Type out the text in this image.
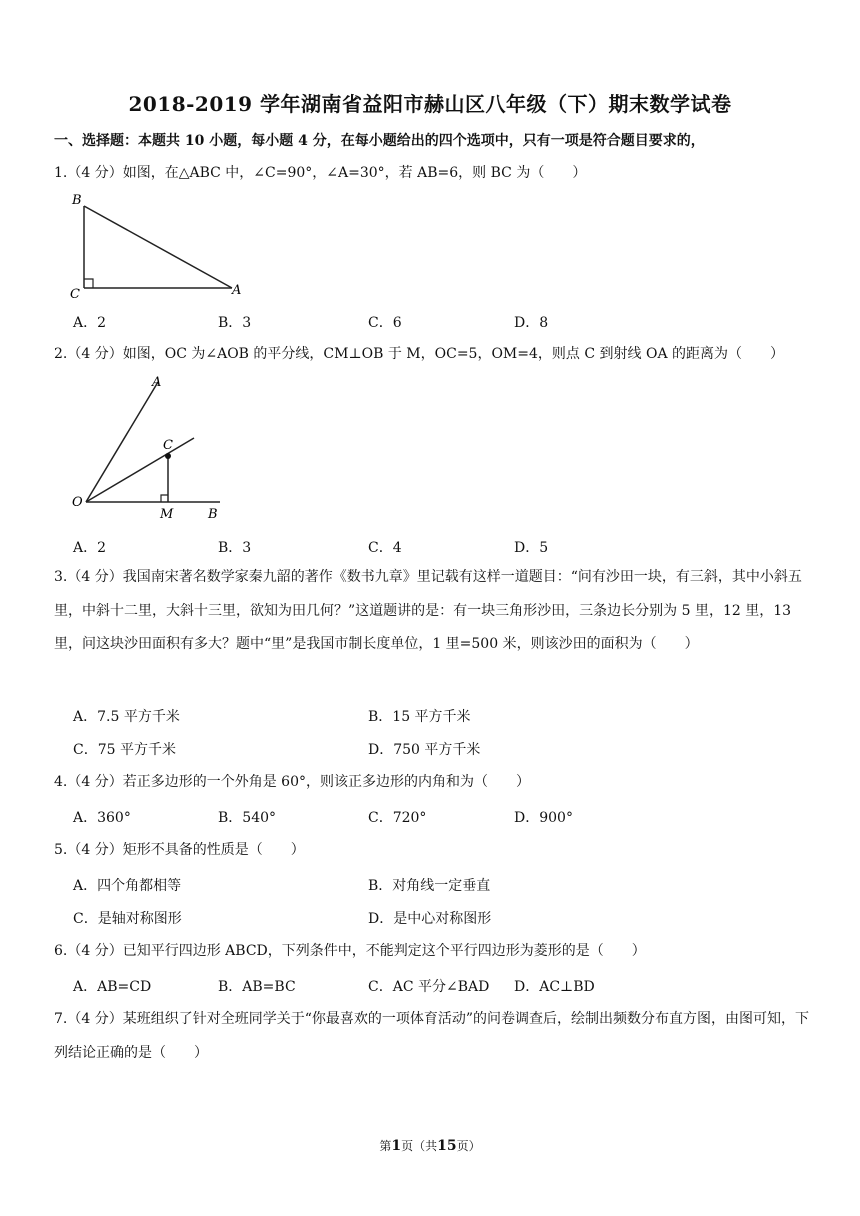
2018-2019 学年湖南省益阳市赫山区八年级（下）期末数学试卷
一、选择题：本题共 10 小题，每小题 4 分，在每小题给出的四个选项中，只有一项是符合题目要求的，
1.（4 分）如图，在△ABC 中，∠C=90°，∠A=30°，若 AB=6，则 BC 为（　　）
B
C	A
A．2	B．3	C．6	D．8
2.（4 分）如图，OC 为∠AOB 的平分线，CM⊥OB 于 M，OC=5，OM=4，则点 C 到射线 OA 的距离为（　　）
A
C
O
M	B
A．2	B．3	C．4	D．5
3.（4 分）我国南宋著名数学家秦九韶的著作《数书九章》里记载有这样一道题目：“问有沙田一块，有三斜，其中小斜五里，中斜十二里，大斜十三里，欲知为田几何？”这道题讲的是：有一块三角形沙田，三条边长分别为 5 里，12 里，13 里，问这块沙田面积有多大？题中“里”是我国市制长度单位，1 里=500 米，则该沙田的面积为（　　）
A．7.5 平方千米	B．15 平方千米
C．75 平方千米	D．750 平方千米
4.（4 分）若正多边形的一个外角是 60°，则该正多边形的内角和为（　　）
A．360°	B．540°	C．720°	D．900°
5.（4 分）矩形不具备的性质是（　　）
A．四个角都相等	B．对角线一定垂直
C．是轴对称图形	D．是中心对称图形
6.（4 分）已知平行四边形 ABCD，下列条件中，不能判定这个平行四边形为菱形的是（　　）
A．AB=CD	B．AB=BC	C．AC 平分∠BAD D．AC⊥BD
7.（4 分）某班组织了针对全班同学关于“你最喜欢的一项体育活动”的问卷调查后，绘制出频数分布直方图，由图可知，下列结论正确的是（　　）
第1页（共15页）
